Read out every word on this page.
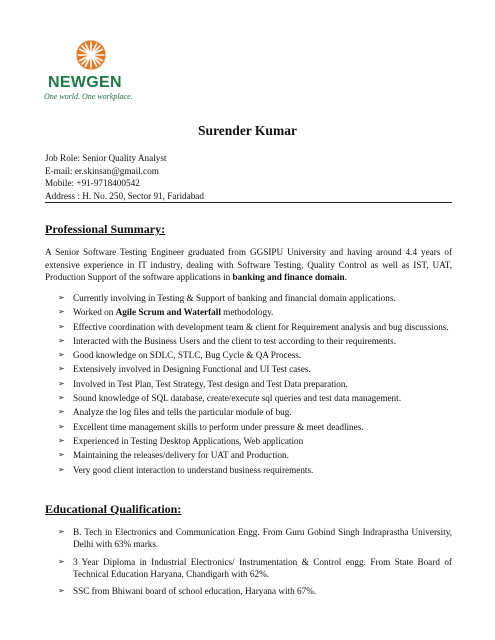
NEWGEN
One world. One workplace.
Surender Kumar
Job Role: Senior Quality Analyst
E-mail: er.skinsan@gmail.com
Mobile: +91-9718400542
Address : H. No. 250, Sector 91, Faridabad
Professional Summary:
A Senior Software Testing Engineer graduated from GGSIPU University and having around 4.4 years of extensive experience in IT industry, dealing with Software Testing, Quality Control as well as IST, UAT, Production Support of the software applications in banking and finance domain.
➢ Currently involving in Testing & Support of banking and financial domain applications.
➢ Worked on Agile Scrum and Waterfall methodology.
➢ Effective coordination with development team & client for Requirement analysis and bug discussions.
➢ Interacted with the Business Users and the client to test according to their requirements.
➢ Good knowledge on SDLC, STLC, Bug Cycle & QA Process.
➢ Extensively involved in Designing Functional and UI Test cases.
➢ Involved in Test Plan, Test Strategy, Test design and Test Data preparation.
➢ Sound knowledge of SQL database, create/execute sql queries and test data management.
➢ Analyze the log files and tells the particular module of bug.
➢ Excellent time management skills to perform under pressure & meet deadlines.
➢ Experienced in Testing Desktop Applications, Web application
➢ Maintaining the releases/delivery for UAT and Production.
➢ Very good client interaction to understand business requirements.
Educational Qualification:
➢ B. Tech in Electronics and Communication Engg. From Guru Gobind Singh Indraprastha University, Delhi with 63% marks.
➢ 3 Year Diploma in Industrial Electronics/ Instrumentation & Control engg. From State Board of Technical Education Haryana, Chandigarh with 62%.
➢ SSC from Bhiwani board of school education, Haryana with 67%.
